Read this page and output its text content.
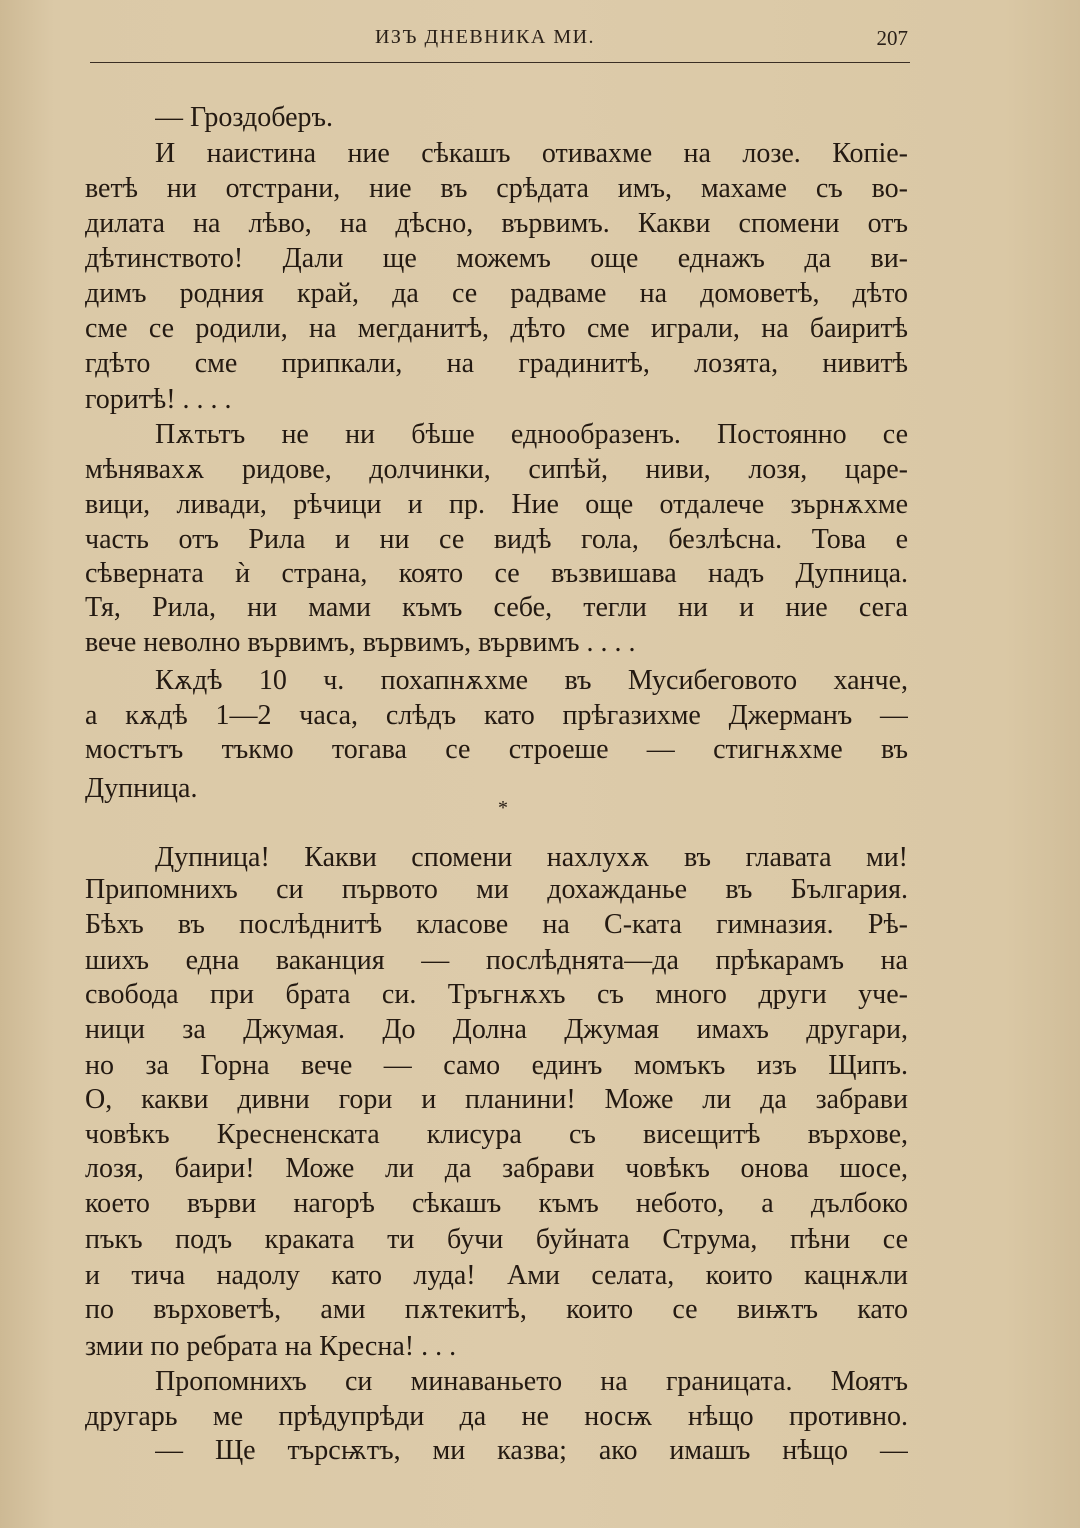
ИЗЪ ДНЕВНИКА МИ.	207
— Гроздоберъ.
И наистина ние сѣкашъ отивахме на лозе. Копіе-
ветѣ ни отстрани, ние въ срѣдата имъ, махаме съ во-
дилата на лѣво, на дѣсно, вървимъ. Какви спомени отъ
дѣтинството! Дали ще можемъ още еднажъ да ви-
димъ родния край, да се радваме на домоветѣ, дѣто
сме се родили, на мегданитѣ, дѣто сме играли, на баиритѣ
гдѣто сме припкали, на градинитѣ, лозята, нивитѣ
горитѣ! . . . .
Пѫтьтъ не ни бѣше еднообразенъ. Постоянно се
мѣнявахѫ ридове, долчинки, сипѣй, ниви, лозя, царе-
вици, ливади, рѣчици и пр. Ние още отдалече зърнѫхме
часть отъ Рила и ни се видѣ гола, безлѣсна. Това е
сѣверната ѝ страна, която се възвишава надъ Дупница.
Тя, Рила, ни мами къмъ себе, тегли ни и ние сега
вече неволно вървимъ, вървимъ, вървимъ . . . .
Кѫдѣ 10 ч. похапнѫхме въ Мусибеговото ханче,
а кѫдѣ 1—2 часа, слѣдъ като прѣгазихме Джерманъ —
мостътъ тъкмо тогава се строеше — стигнѫхме въ
Дупница.
*
Дупница! Какви спомени нахлухѫ въ главата ми!
Припомнихъ си първото ми дохажданье въ България.
Бѣхъ въ послѣднитѣ класове на С-ката гимназия. Рѣ-
шихъ една ваканция — послѣднята—да прѣкарамъ на
свобода при брата си. Тръгнѫхъ съ много други уче-
ници за Джумая. До Долна Джумая имахъ другари,
но за Горна вече — само единъ момъкъ изъ Щипъ.
О, какви дивни гори и планини! Може ли да забрави
човѣкъ Кресненската клисура съ висещитѣ върхове,
лозя, баири! Може ли да забрави човѣкъ онова шосе,
което върви нагорѣ сѣкашъ къмъ небото, а дълбоко
пъкъ подъ краката ти бучи буйната Струма, пѣни се
и тича надолу като луда! Ами селата, които кацнѫли
по върховетѣ, ами пѫтекитѣ, които се виѭтъ като
змии по ребрата на Кресна! . . .
Пропомнихъ си минаваньето на границата. Моятъ
другарь ме прѣдупрѣди да не носѭ нѣщо противно.
— Ще търсѭтъ, ми казва; ако имашъ нѣщо —
